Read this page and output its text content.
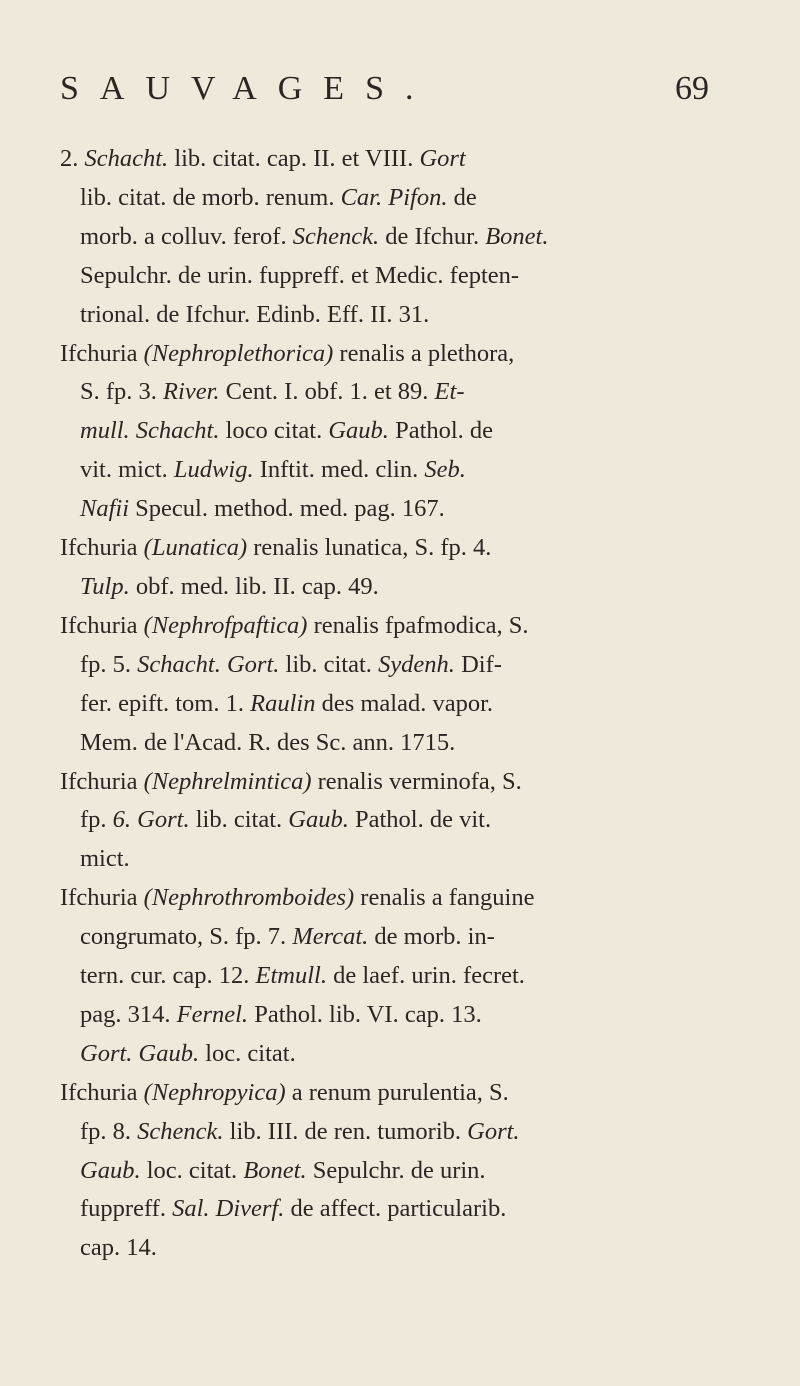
SAUVAGES.	69
2. Schacht. lib. citat. cap. II. et VIII. Gort
lib. citat. de morb. renum. Car. Pifon. de
morb. a colluv. ferof. Schenck. de Ifchur. Bonet.
Sepulchr. de urin. fuppreff. et Medic. fepten-
trional. de Ifchur. Edinb. Eff. II. 31.
Ifchuria (Nephroplethorica) renalis a plethora,
S. fp. 3. River. Cent. I. obf. 1. et 89. Et-
mull. Schacht. loco citat. Gaub. Pathol. de
vit. mict. Ludwig. Inftit. med. clin. Seb.
Nafii Specul. method. med. pag. 167.
Ifchuria (Lunatica) renalis lunatica, S. fp. 4.
Tulp. obf. med. lib. II. cap. 49.
Ifchuria (Nephrofpaftica) renalis fpafmodica, S.
fp. 5. Schacht. Gort. lib. citat. Sydenh. Dif-
fer. epift. tom. 1. Raulin des malad. vapor.
Mem. de l'Acad. R. des Sc. ann. 1715.
Ifchuria (Nephrelmintica) renalis verminofa, S.
fp. 6. Gort. lib. citat. Gaub. Pathol. de vit.
mict.
Ifchuria (Nephrothromboides) renalis a fanguine
congrumato, S. fp. 7. Mercat. de morb. in-
tern. cur. cap. 12. Etmull. de laef. urin. fecret.
pag. 314. Fernel. Pathol. lib. VI. cap. 13.
Gort. Gaub. loc. citat.
Ifchuria (Nephropyica) a renum purulentia, S.
fp. 8. Schenck. lib. III. de ren. tumorib. Gort.
Gaub. loc. citat. Bonet. Sepulchr. de urin.
fuppreff. Sal. Diverf. de affect. particularib.
cap. 14.
